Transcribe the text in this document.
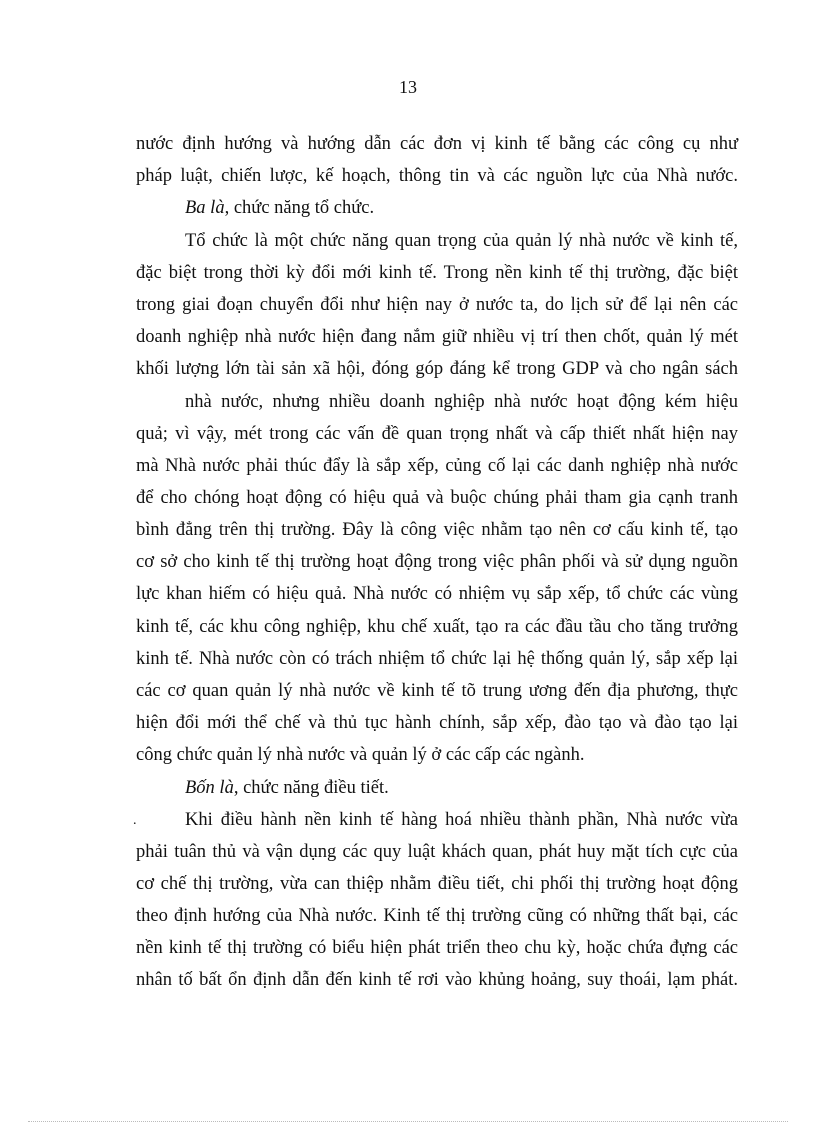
13
nước định hướng và hướng dẫn các đơn vị kinh tế bằng các công cụ như
pháp luật, chiến lược, kế hoạch, thông tin và các nguồn lực của Nhà nước.
Ba là, chức năng tổ chức.
Tổ chức là một chức năng quan trọng của quản lý nhà nước về kinh tế,
đặc biệt trong thời kỳ đổi mới kinh tế. Trong nền kinh tế thị trường, đặc biệt
trong giai đoạn chuyển đổi như hiện nay ở nước ta, do lịch sử để lại nên các
doanh nghiệp nhà nước hiện đang nắm giữ nhiều vị trí then chốt, quản lý mét
khối lượng lớn tài sản xã hội, đóng góp đáng kể trong GDP và cho ngân sách
nhà nước, nhưng nhiều doanh nghiệp nhà nước hoạt động kém hiệu
quả; vì vậy, mét trong các vấn đề quan trọng nhất và cấp thiết nhất hiện nay
mà Nhà nước phải thúc đẩy là sắp xếp, củng cố lại các danh nghiệp nhà nước
để cho chóng hoạt động có hiệu quả và buộc chúng phải tham gia cạnh tranh
bình đẳng trên thị trường. Đây là công việc nhằm tạo nên cơ cấu kinh tế, tạo
cơ sở cho kinh tế thị trường hoạt động trong việc phân phối và sử dụng nguồn
lực khan hiếm có hiệu quả. Nhà nước có nhiệm vụ sắp xếp, tổ chức các vùng
kinh tế, các khu công nghiệp, khu chế xuất, tạo ra các đầu tầu cho tăng trưởng
kinh tế. Nhà nước còn có trách nhiệm tổ chức lại hệ thống quản lý, sắp xếp lại
các cơ quan quản lý nhà nước về kinh tế tõ trung ương đến địa phương, thực
hiện đổi mới thể chế và thủ tục hành chính, sắp xếp, đào tạo và đào tạo lại
công chức quản lý nhà nước và quản lý ở các cấp các ngành.
Bốn là, chức năng điều tiết.
Khi điều hành nền kinh tế hàng hoá nhiều thành phần, Nhà nước vừa
phải tuân thủ và vận dụng các quy luật khách quan, phát huy mặt tích cực của
cơ chế thị trường, vừa can thiệp nhằm điều tiết, chi phối thị trường hoạt động
theo định hướng của Nhà nước. Kinh tế thị trường cũng có những thất bại, các
nền kinh tế thị trường có biểu hiện phát triển theo chu kỳ, hoặc chứa đựng các
nhân tố bất ổn định dẫn đến kinh tế rơi vào khủng hoảng, suy thoái, lạm phát.
.
